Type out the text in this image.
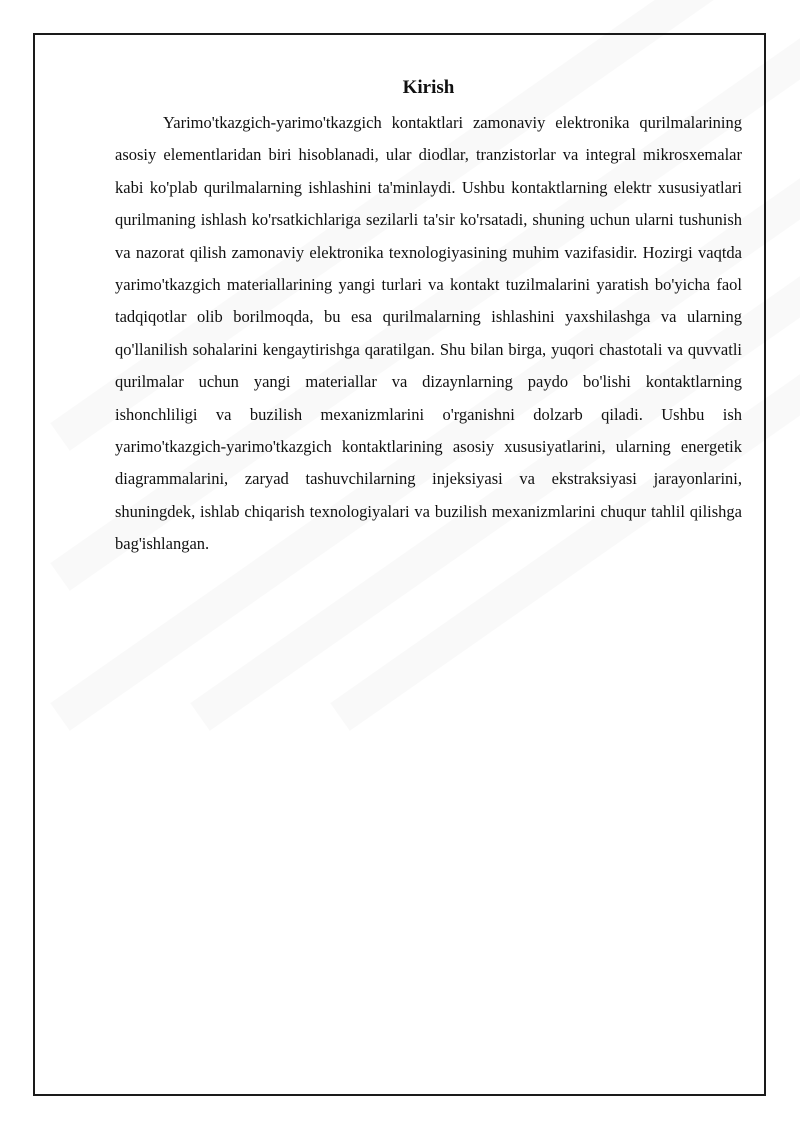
Kirish

Yarimo'tkazgich-yarimo'tkazgich kontaktlari zamonaviy elektronika qurilmalarining asosiy elementlaridan biri hisoblanadi, ular diodlar, tranzistorlar va integral mikrosxemalar kabi ko'plab qurilmalarning ishlashini ta'minlaydi. Ushbu kontaktlarning elektr xususiyatlari qurilmaning ishlash ko'rsatkichlariga sezilarli ta'sir ko'rsatadi, shuning uchun ularni tushunish va nazorat qilish zamonaviy elektronika texnologiyasining muhim vazifasidir. Hozirgi vaqtda yarimo'tkazgich materiallarining yangi turlari va kontakt tuzilmalarini yaratish bo'yicha faol tadqiqotlar olib borilmoqda, bu esa qurilmalarning ishlashini yaxshilashga va ularning qo'llanilish sohalarini kengaytirishga qaratilgan. Shu bilan birga, yuqori chastotali va quvvatli qurilmalar uchun yangi materiallar va dizaynlarning paydo bo'lishi kontaktlarning ishonchliligi va buzilish mexanizmlarini o'rganishni dolzarb qiladi. Ushbu ish yarimo'tkazgich-yarimo'tkazgich kontaktlarining asosiy xususiyatlarini, ularning energetik diagrammalarini, zaryad tashuvchilarning injeksiyasi va ekstraksiyasi jarayonlarini, shuningdek, ishlab chiqarish texnologiyalari va buzilish mexanizmlarini chuqur tahlil qilishga bag'ishlangan.
